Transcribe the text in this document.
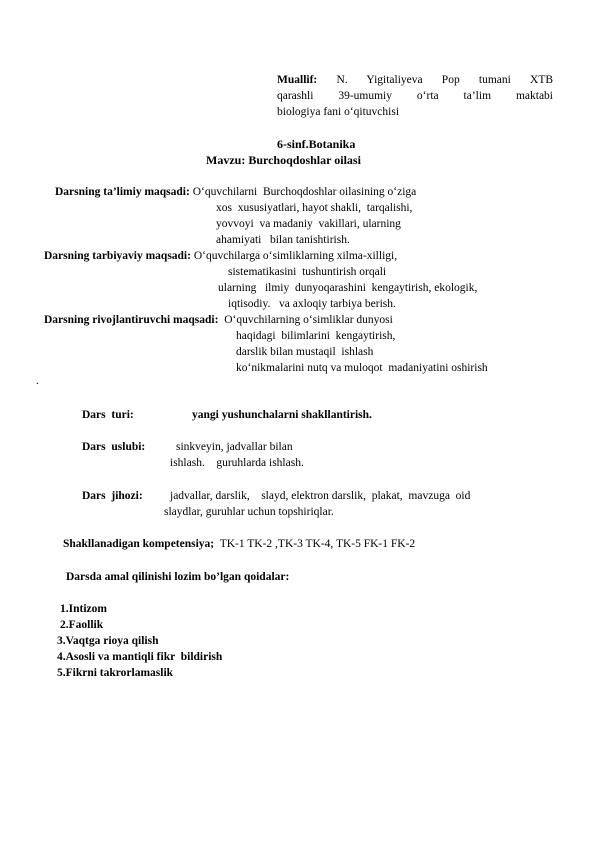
Muallif: N. Yigitaliyeva Pop tumani XTB
qarashli 39-umumiy o‘rta ta’lim maktabi
biologiya fani o‘qituvchisi
6-sinf.Botanika
Mavzu: Burchoqdoshlar oilasi
Darsning ta’limiy maqsadi: O‘quvchilarni  Burchoqdoshlar oilasining o‘ziga
xos  xususiyatlari, hayot shakli,  tarqalishi,
yovvoyi  va madaniy  vakillari, ularning
ahamiyati   bilan tanishtirish.
Darsning tarbiyaviy maqsadi: O‘quvchilarga o‘simliklarning xilma-xilligi,
sistematikasini  tushuntirish orqali
ularning   ilmiy  dunyoqarashini  kengaytirish, ekologik,
iqtisodiy.   va axloqiy tarbiya berish.
Darsning rivojlantiruvchi maqsadi: O‘quvchilarning o‘simliklar dunyosi
haqidagi  bilimlarini  kengaytirish,
darslik bilan mustaqil  ishlash
ko‘nikmalarini nutq va muloqot  madaniyatini oshirish
.
Dars  turi:	yangi yushunchalarni shakllantirish.
Dars  uslubi:	sinkveyin, jadvallar bilan
ishlash.    guruhlarda ishlash.
Dars  jihozi: jadvallar, darslik,    slayd, elektron darslik,  plakat,  mavzuga  oid
slaydlar, guruhlar uchun topshiriqlar.
Shakllanadigan kompetensiya; TK-1 TK-2 ,TK-3 TK-4, TK-5 FK-1 FK-2
Darsda amal qilinishi lozim bo’lgan qoidalar:
1.Intizom
2.Faollik
3.Vaqtga rioya qilish
4.Asosli va mantiqli fikr  bildirish
5.Fikrni takrorlamaslik
